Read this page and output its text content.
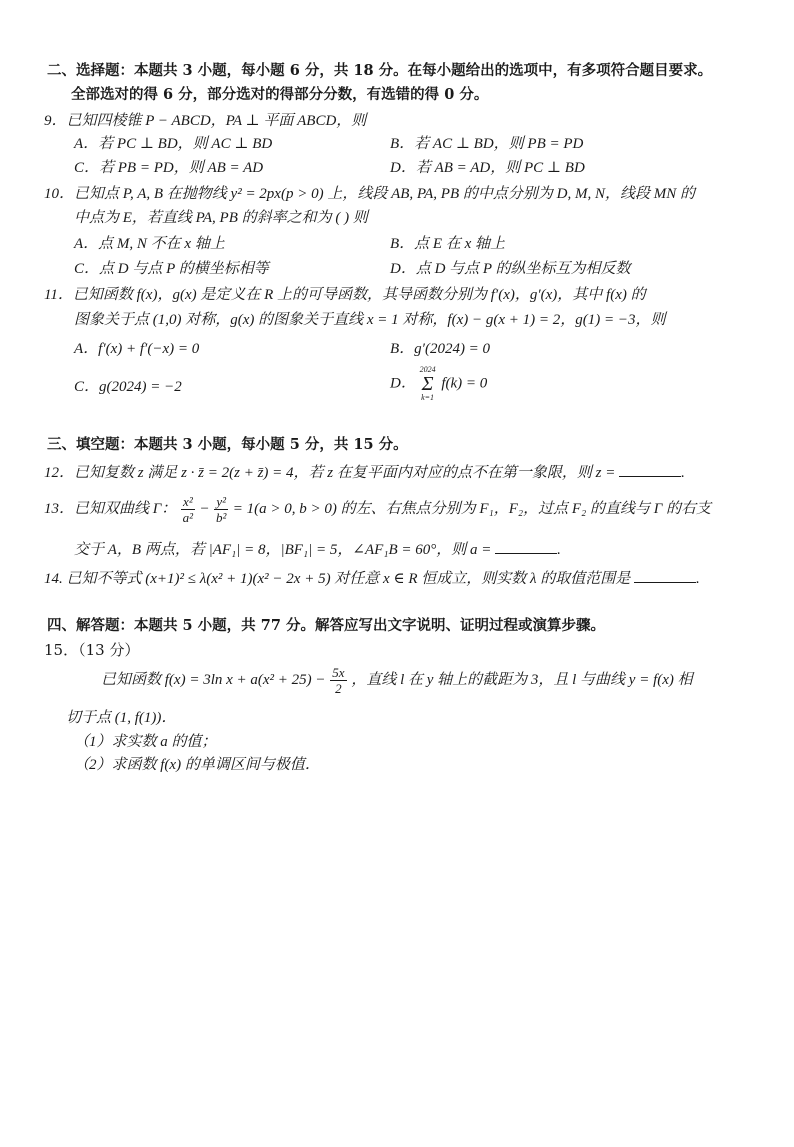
二、选择题：本题共 3 小题，每小题 6 分，共 18 分。在每小题给出的选项中，有多项符合题目要求。
全部选对的得 6 分，部分选对的得部分分数，有选错的得 0 分。
9．已知四棱锥 P − ABCD，PA ⊥ 平面 ABCD，则
A．若 PC ⊥ BD，则 AC ⊥ BD	B．若 AC ⊥ BD，则 PB = PD
C．若 PB = PD，则 AB = AD	D．若 AB = AD，则 PC ⊥ BD
10．已知点 P, A, B 在抛物线 y² = 2px(p > 0) 上，线段 AB, PA, PB 的中点分别为 D, M, N，线段 MN 的
中点为 E，若直线 PA, PB 的斜率之和为 ( ) 则
A．点 M, N 不在 x 轴上	B．点 E 在 x 轴上
C．点 D 与点 P 的横坐标相等	D．点 D 与点 P 的纵坐标互为相反数
11．已知函数 f(x)，g(x) 是定义在 R 上的可导函数，其导函数分别为 f′(x)，g′(x)，其中 f(x) 的
图象关于点 (1,0) 对称，g(x) 的图象关于直线 x = 1 对称，f(x) − g(x + 1) = 2，g(1) = −3，则
A．f′(x) + f′(−x) = 0	B．g′(2024) = 0
C．g(2024) = −2	D． 2024
Σ
k=1 f(k) = 0
三、填空题：本题共 3 小题，每小题 5 分，共 15 分。
12．已知复数 z 满足 z · z̄ = 2(z + z̄) = 4，若 z 在复平面内对应的点不在第一象限，则 z =	.
13．已知双曲线 Γ： $\frac{\text{x²}}{\text{a²}} - \frac{\text{y²}}{\text{b²}} = 1(a > 0$, b > 0) 的左、右焦点分别为 F₁，F₂，过点 F₂ 的直线与 Γ 的右支
交于 A，B 两点，若 |AF₁| = 8，|BF₁| = 5，∠AF₁B = 60°，则 a =	.
14. 已知不等式 (x+1)² ≤ λ(x² + 1)(x² − 2x + 5) 对任意 x ∈ R 恒成立，则实数 λ 的取值范围是	.
四、解答题：本题共 5 小题，共 77 分。解答应写出文字说明、证明过程或演算步骤。
15．（13 分）
已知函数 f(x) = 3ln $x + a(x^2 + 25) - \frac{5x}{2}$ ，直线 l 在 y 轴上的截距为 3，且 l 与曲线 y = f(x) 相
切于点 (1, f(1))．
（1）求实数 a 的值；
（2）求函数 f(x) 的单调区间与极值．
